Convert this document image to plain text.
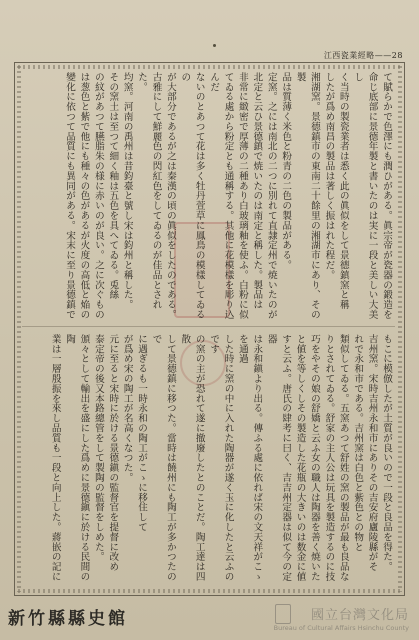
江西瓷業經略——28

て賦らかで色澤にも潤ひがある。眞宗帝が瓷器の鍛造を

命じ底部に景德年製と書いたのは実に一段と美しい大美し

く当時の製瓷業者は悉く此の眞似をして景德鎮窯と稱

したが爲め南昌の製品は著しく振はれた程だ。

湘湖窯。景德鎮市の東南二十餘里の湘湖市にあり、その製

品は質薄く米色と粉青の二色の製品がある。

定窯。之には南北の二つに別れて直隷定州で焼いたのが

北定と云ひ景德鎮で焼いたのは南定と稱した。製品は

非常に緻密で厚薄の二種あり白玻璃釉を使ふ。白粉に似

てゐる處から粉定とも通稱する。其他に花模樣を彫り込んだ

ないのとあつて花は多く牡丹萱草に鳳鳥の模樣してゐるの

が大部分であるが之は秦漢の頃の眞似をしたのである。

古雅にして鮮麗色の閃紅色をしてゐるのが佳品とされ

た。

均窯。河南の禹州は昔鈞臺と號し宋は鈞州と稱した。

その窯土は至つて細く釉は五色を具へてゐる。兎絲

の紋があつて臙脂朱の様に赤いのが良い。之に次ぐもの

は葱色と紫で他にも種々の色があるが火度の高低と焔の

變化に依つて品質にも異同がある。宋末に至り景德鎮で

もこに模倣したが土質が良いので一段と良品を得た。

吉州窯。宋時吉州永和市にありその吉安府廬陵縣がそ

れで永和市である。吉州窯は白色と紫色との物と

類似してゐる。五窯あつて舒姓の窯の製品が最も良品な

りとされてゐる。舒家の主人公は玩具を製造するのに技

巧をやその娘の舒嬌と云ふ女の職人は陶器を善く焼いた

と値を等しくしその製造した花瓶の大きいのは数金に値

すと云ふ。唐氏の肆考に曰く、吉吉州定器は似て今の定器

は永和鎭より出る。傳ふる處に依れば宋の文天祥がこゝを通過

した時に窯の中に入れた陶器が遂く玉に化したと云ふのです

の窯の主が恐れて遂に撤廢したとのことだ。陶工達は四散

して景德鎮に移つた。當時は饒州にも陶工が多かつたので

に遇ぎるも一時永和の陶工がこゝに移住して

が爲め宋の陶工が名高くなつた。

元に至ると宋時に於ける景德鎭の監督官を提督に改め

泰定帝の後又本路總管をして製陶の監督をしめた。

頒々として輸出を盛にした爲めに景德鎭に於ける民間の陶

業は一層殷振を來し品質も一段と向上した。蔣嵌の記に

新竹縣縣史館	國立台灣文化局
Bureau of Cultural Affairs Hsinchu County
